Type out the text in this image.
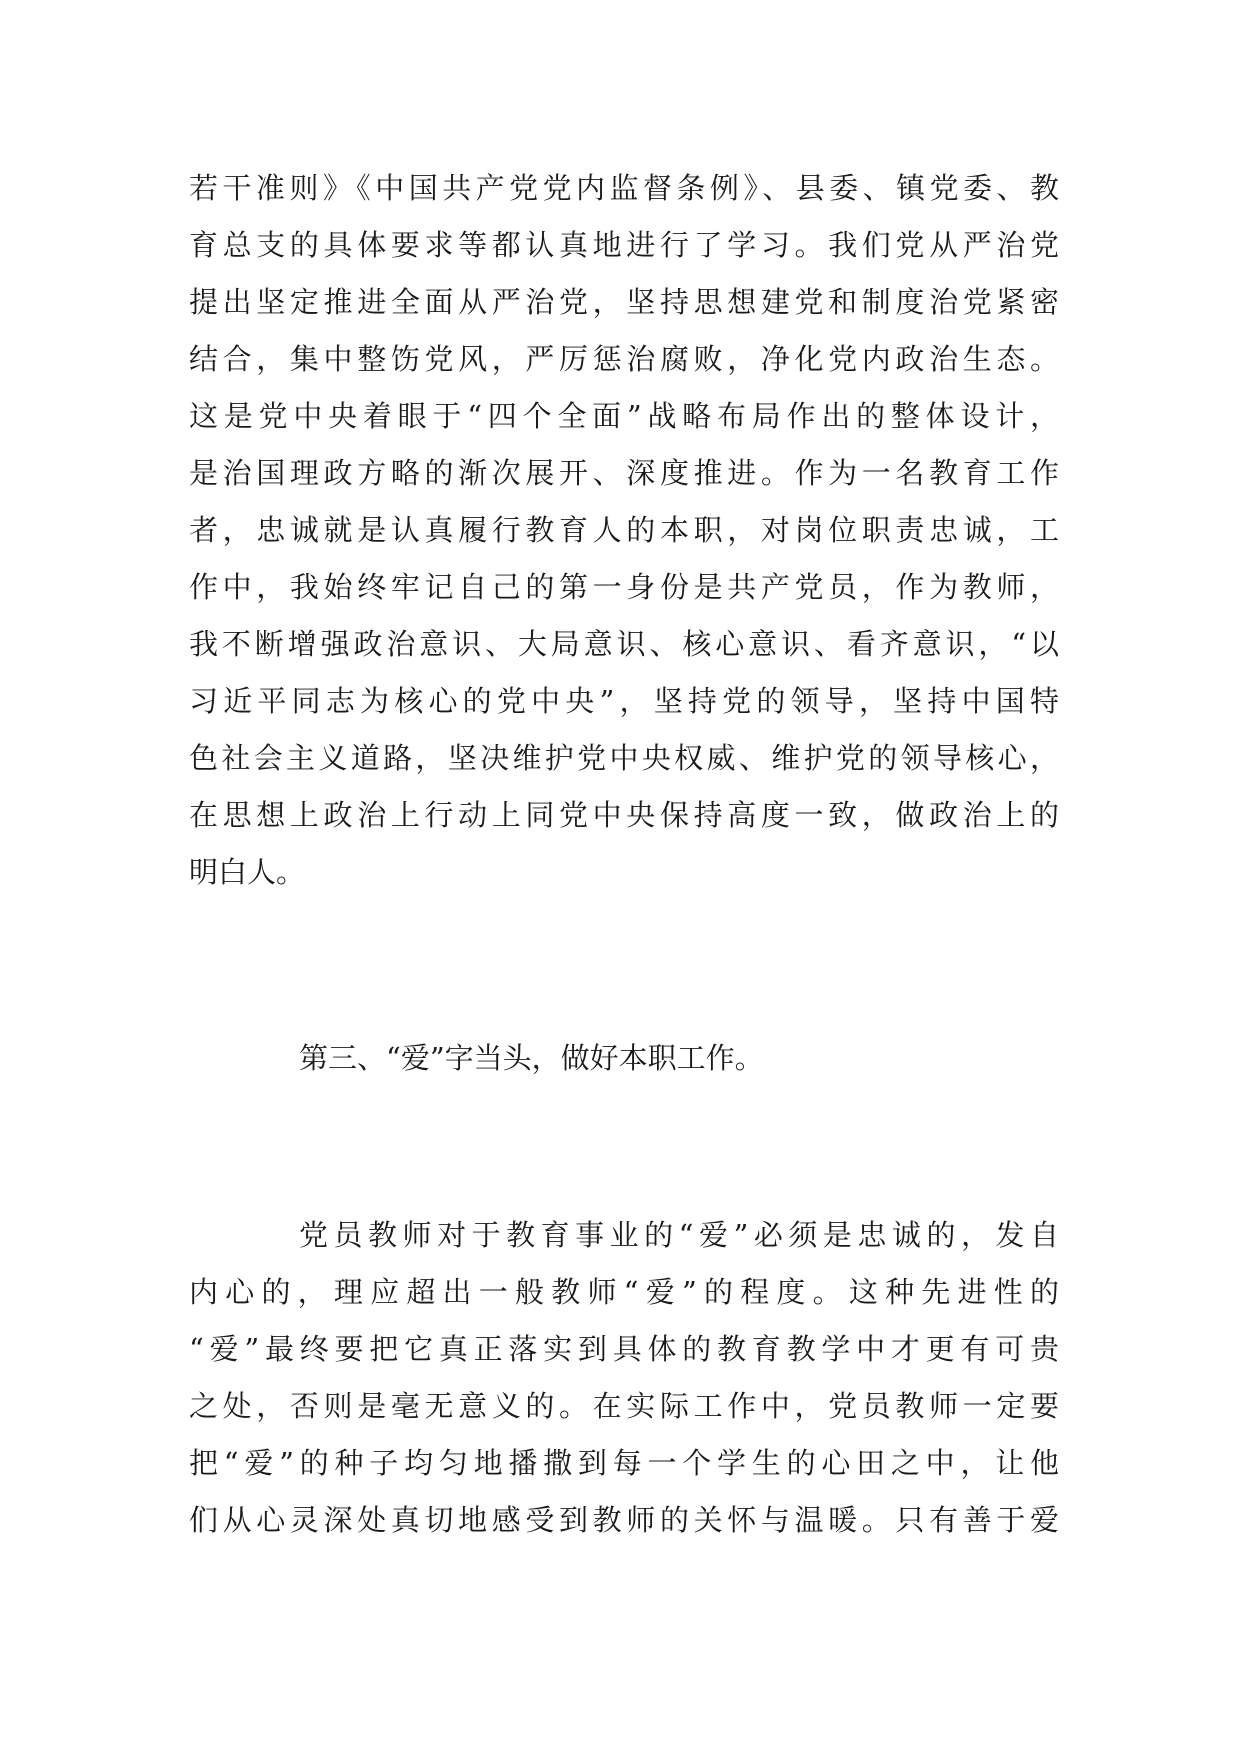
若干准则》《中国共产党党内监督条例》、县委、镇党委、教
育总支的具体要求等都认真地进行了学习。我们党从严治党
提出坚定推进全面从严治党，坚持思想建党和制度治党紧密
结合，集中整饬党风，严厉惩治腐败，净化党内政治生态。
这是党中央着眼于“四个全面”战略布局作出的整体设计，
是治国理政方略的渐次展开、深度推进。作为一名教育工作
者，忠诚就是认真履行教育人的本职，对岗位职责忠诚，工
作中，我始终牢记自己的第一身份是共产党员，作为教师，
我不断增强政治意识、大局意识、核心意识、看齐意识，“以
习近平同志为核心的党中央”，坚持党的领导，坚持中国特
色社会主义道路，坚决维护党中央权威、维护党的领导核心，
在思想上政治上行动上同党中央保持高度一致，做政治上的
明白人。
第三、“爱”字当头，做好本职工作。
党员教师对于教育事业的“爱”必须是忠诚的，发自
内心的，理应超出一般教师“爱”的程度。这种先进性的
“爱”最终要把它真正落实到具体的教育教学中才更有可贵
之处，否则是毫无意义的。在实际工作中，党员教师一定要
把“爱”的种子均匀地播撒到每一个学生的心田之中，让他
们从心灵深处真切地感受到教师的关怀与温暖。只有善于爱
